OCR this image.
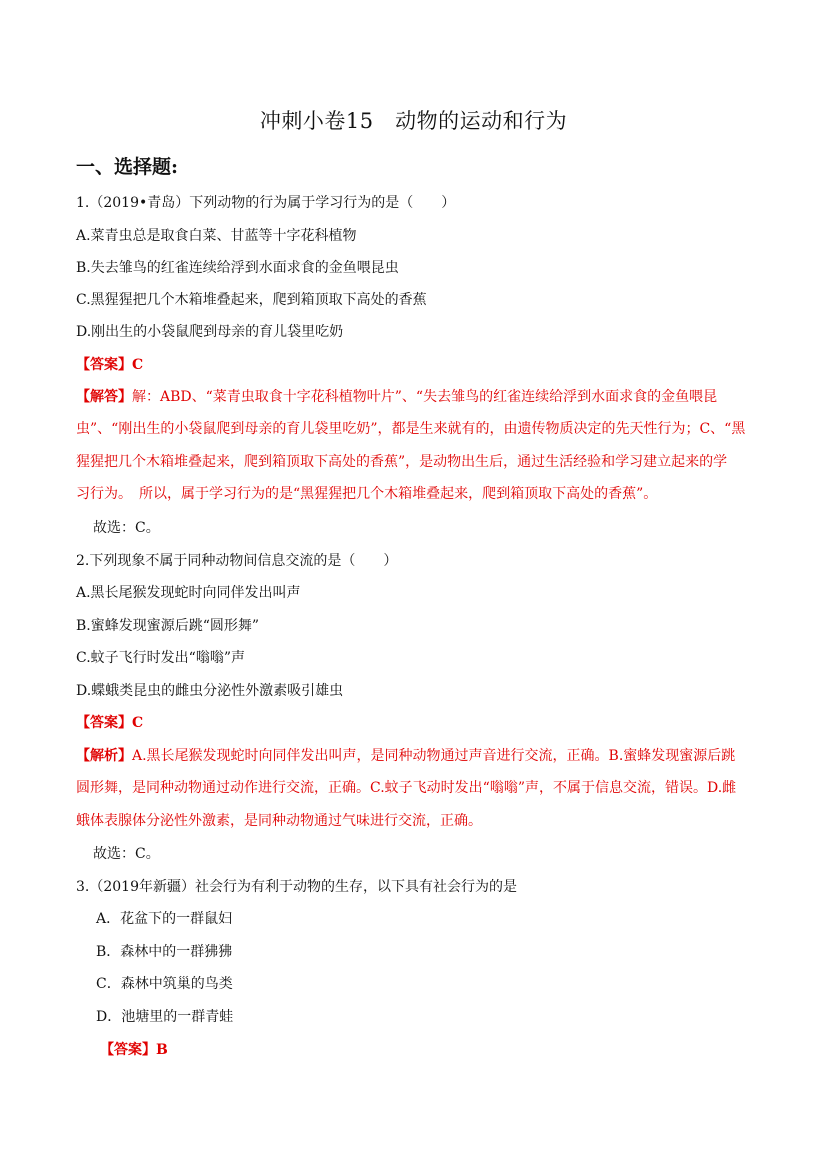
冲刺小卷15　动物的运动和行为
一、选择题:
1.（2019•青岛）下列动物的行为属于学习行为的是（　　）
A.菜青虫总是取食白菜、甘蓝等十字花科植物
B.失去雏鸟的红雀连续给浮到水面求食的金鱼喂昆虫
C.黑猩猩把几个木箱堆叠起来，爬到箱顶取下高处的香蕉
D.刚出生的小袋鼠爬到母亲的育儿袋里吃奶
【答案】C
【解答】解：ABD、“菜青虫取食十字花科植物叶片”、“失去雏鸟的红雀连续给浮到水面求食的金鱼喂昆
虫”、“刚出生的小袋鼠爬到母亲的育儿袋里吃奶”，都是生来就有的，由遗传物质决定的先天性行为；C、“黑
猩猩把几个木箱堆叠起来，爬到箱顶取下高处的香蕉”，是动物出生后，通过生活经验和学习建立起来的学
习行为。　所以，属于学习行为的是“黑猩猩把几个木箱堆叠起来，爬到箱顶取下高处的香蕉”。
故选：C。
2.下列现象不属于同种动物间信息交流的是（　　）
A.黑长尾猴发现蛇时向同伴发出叫声
B.蜜蜂发现蜜源后跳“圆形舞”
C.蚊子飞行时发出“嗡嗡”声
D.蝶蛾类昆虫的雌虫分泌性外激素吸引雄虫
【答案】C
【解析】A.黑长尾猴发现蛇时向同伴发出叫声，是同种动物通过声音进行交流，正确。B.蜜蜂发现蜜源后跳
圆形舞，是同种动物通过动作进行交流，正确。C.蚊子飞动时发出“嗡嗡”声，不属于信息交流，错误。D.雌
蛾体表腺体分泌性外激素，是同种动物通过气味进行交流，正确。
故选：C。
3.（2019年新疆）社会行为有利于动物的生存，以下具有社会行为的是
A．花盆下的一群鼠妇
B．森林中的一群狒狒
C．森林中筑巢的鸟类
D．池塘里的一群青蛙
【答案】B
